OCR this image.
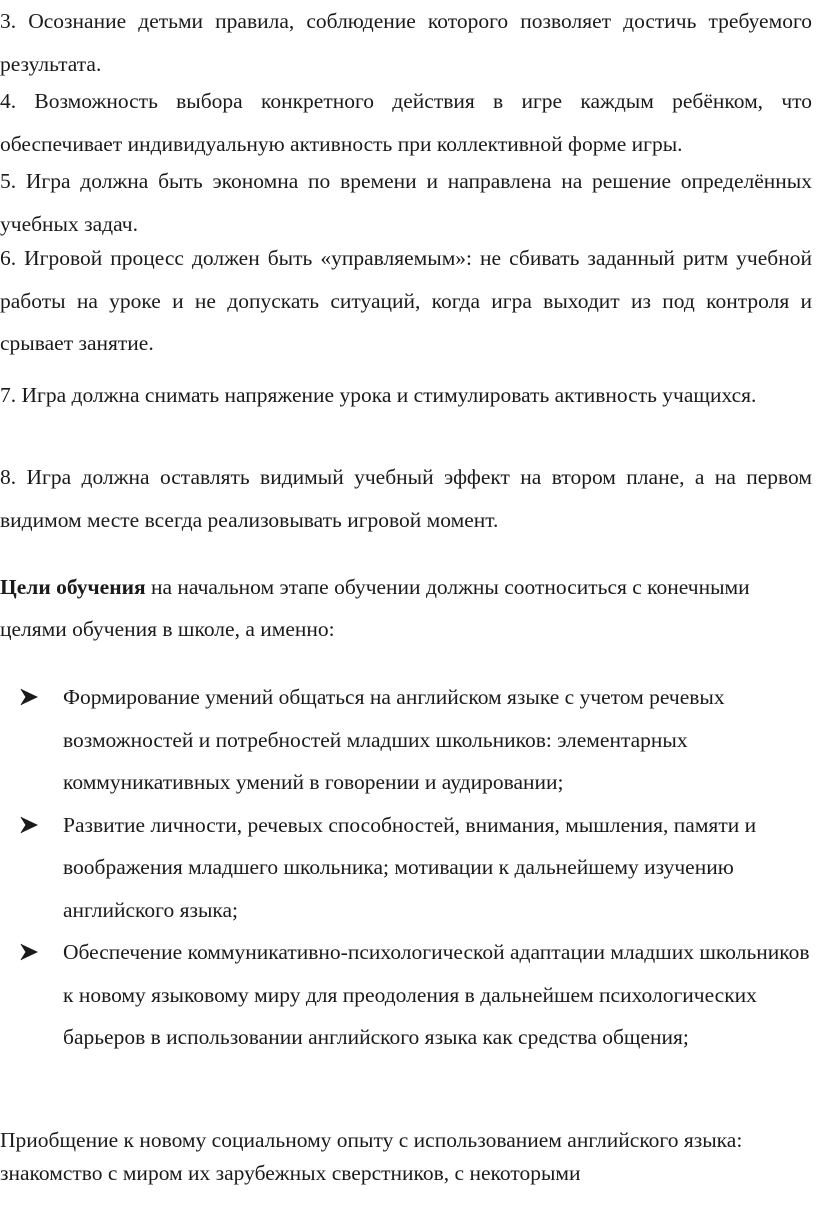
3. Осознание детьми правила, соблюдение которого позволяет достичь требуемого результата.

4. Возможность выбора конкретного действия в игре каждым ребёнком, что обеспечивает индивидуальную активность при коллективной форме игры.

5. Игра должна быть экономна по времени и направлена на решение определённых учебных задач.

6. Игровой процесс должен быть «управляемым»: не сбивать заданный ритм учебной работы на уроке и не допускать ситуаций, когда игра выходит из под контроля и срывает занятие.

7. Игра должна снимать напряжение урока и стимулировать активность учащихся.

8. Игра должна оставлять видимый учебный эффект на втором плане, а на первом видимом месте всегда реализовывать игровой момент.

Цели обучения на начальном этапе обучении должны соотноситься с конечными целями обучения в школе, а именно:

Формирование умений общаться на английском языке с учетом речевых возможностей и потребностей младших школьников: элементарных коммуникативных умений в говорении и аудировании;
Развитие личности, речевых способностей, внимания, мышления, памяти и воображения младшего школьника; мотивации к дальнейшему изучению английского языка;
Обеспечение коммуникативно-психологической адаптации младших школьников к новому языковому миру для преодоления в дальнейшем психологических барьеров в использовании английского языка как средства общения;

Приобщение к новому социальному опыту с использованием английского языка: знакомство с миром их зарубежных сверстников, с некоторыми
